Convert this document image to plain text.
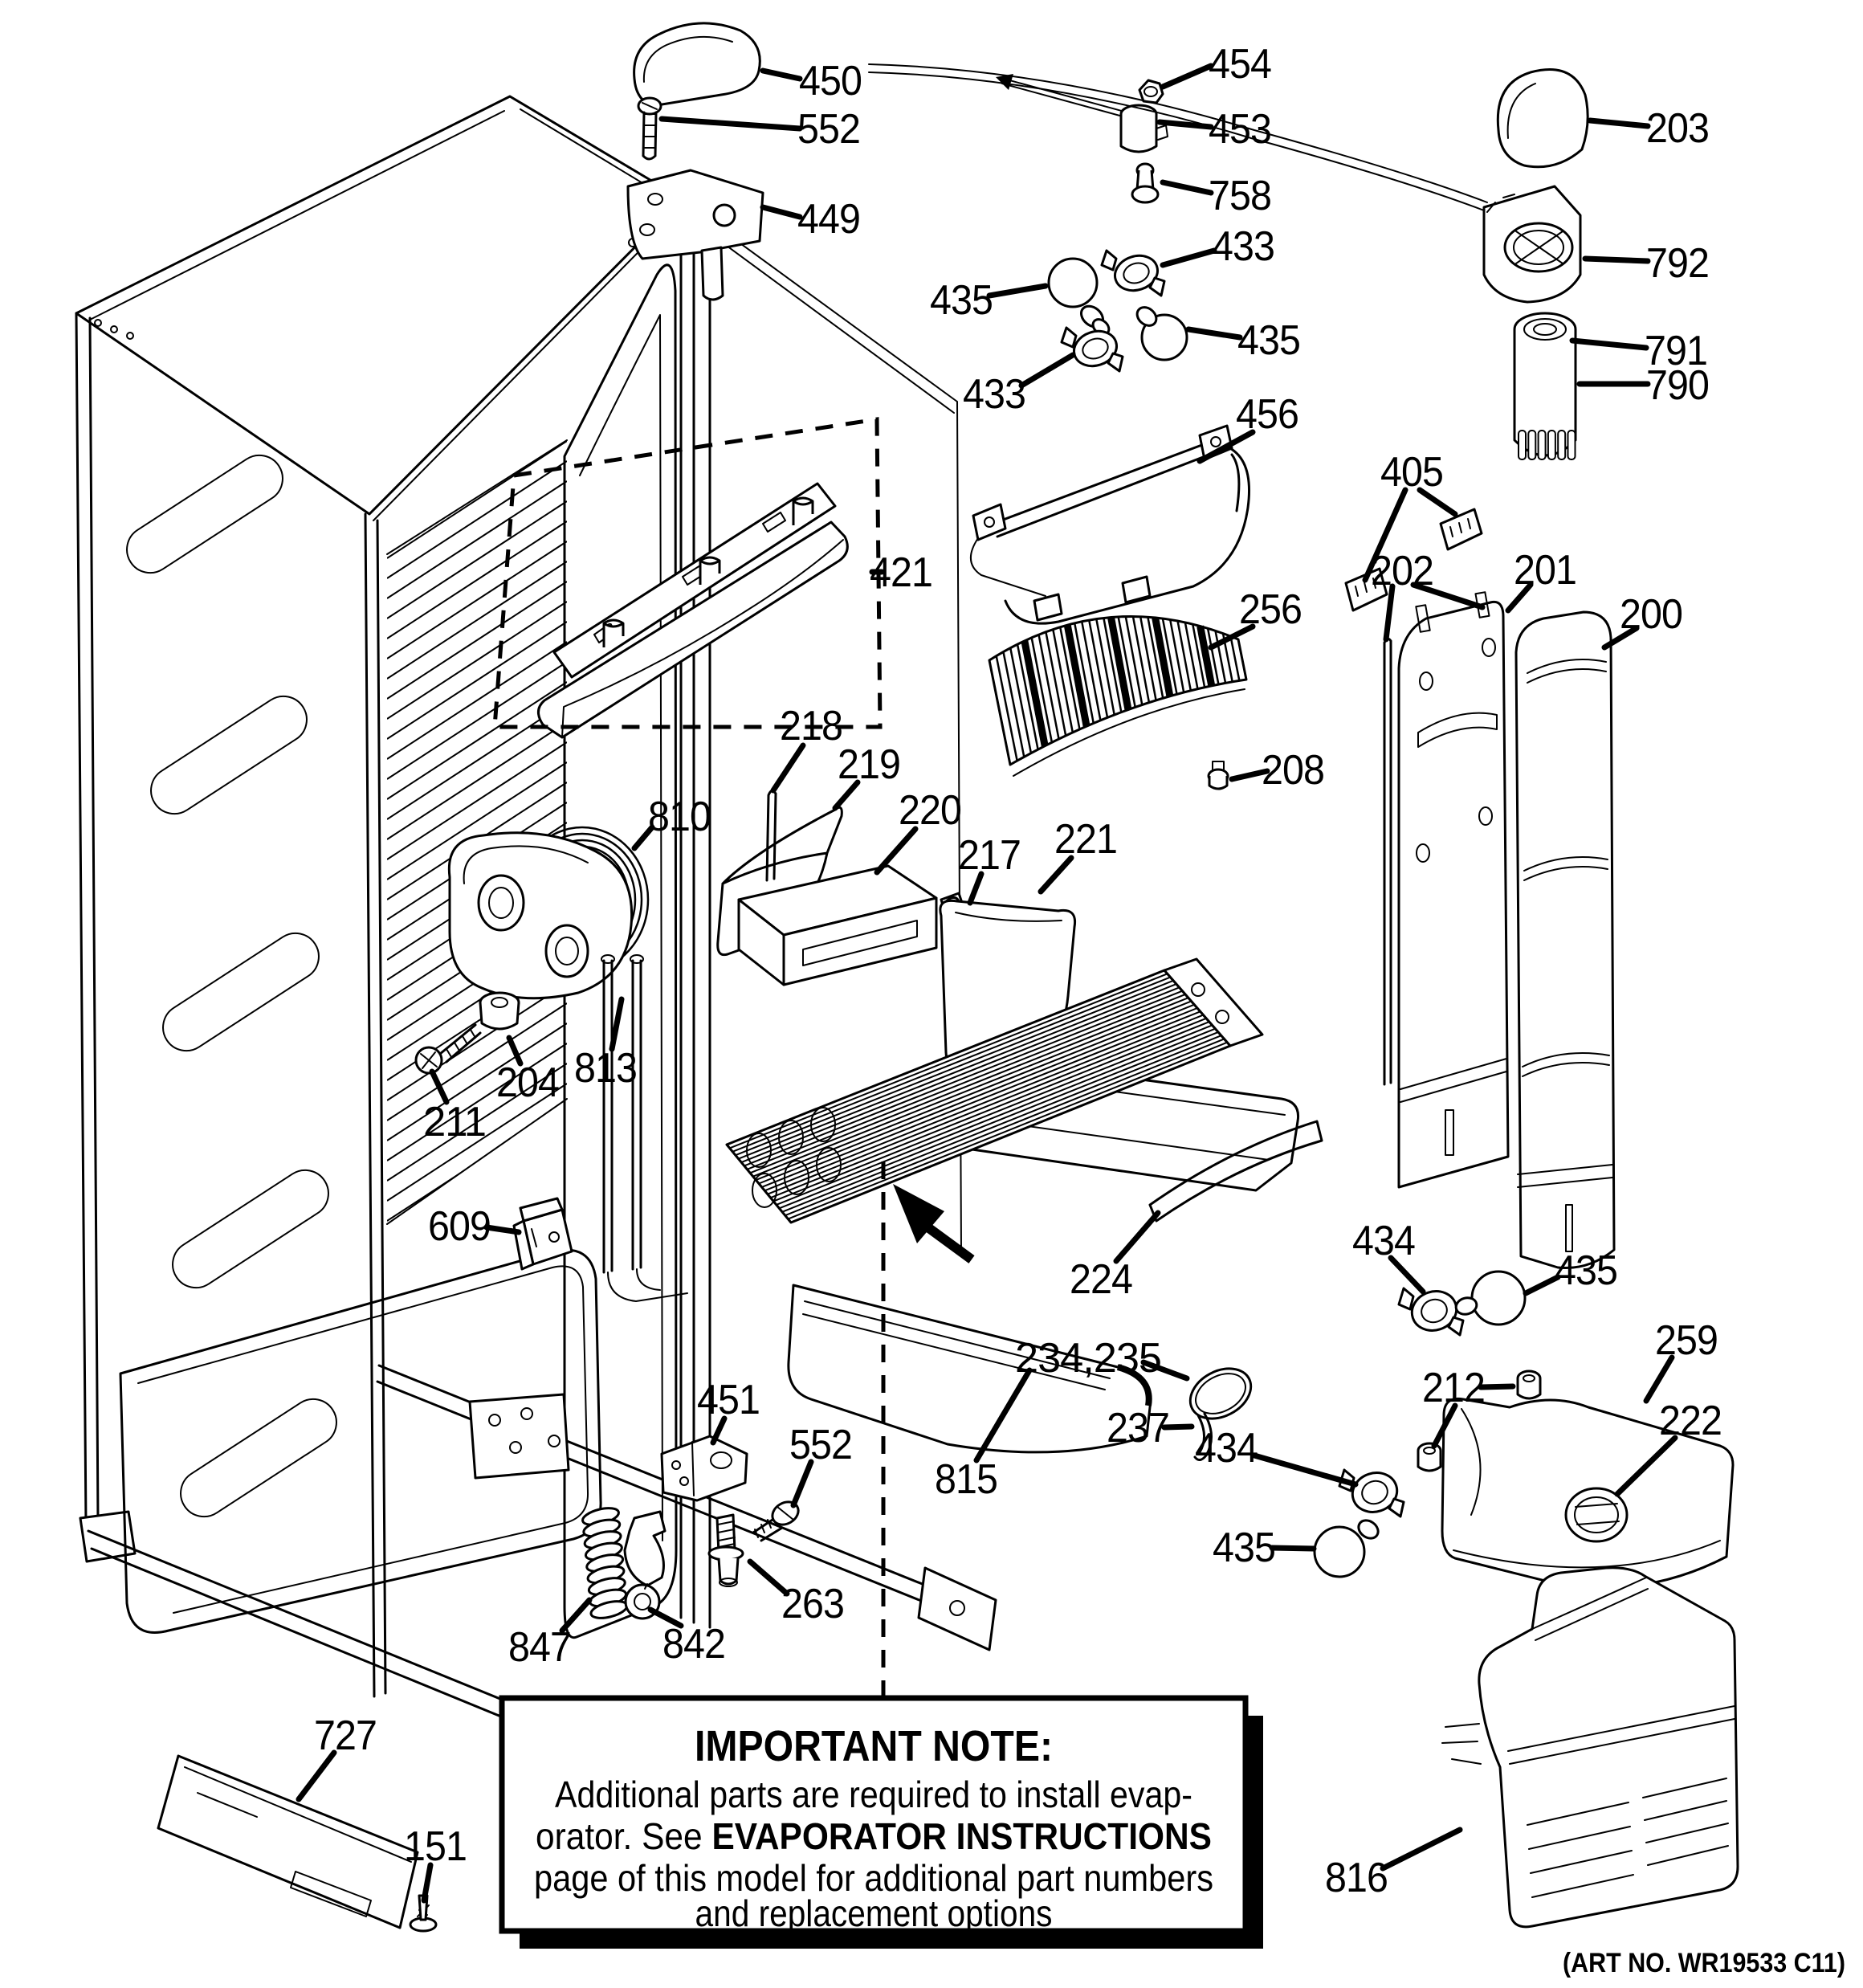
IMPORTANT NOTE:
Additional parts are required to install evap-
orator. See EVAPORATOR INSTRUCTIONS
page of this model for additional part numbers
and replacement options
450
552
449
454
453
758
203
792
791
790
435
433
433
435
456
405
202 201
200
256
208
218
219
220
217 221
421
810
813
204
211
609
815
224
234,235
237
434
435
259
212
222
434
435
451
552
847 842
263
727
151
816
(ART NO. WR19533 C11)
